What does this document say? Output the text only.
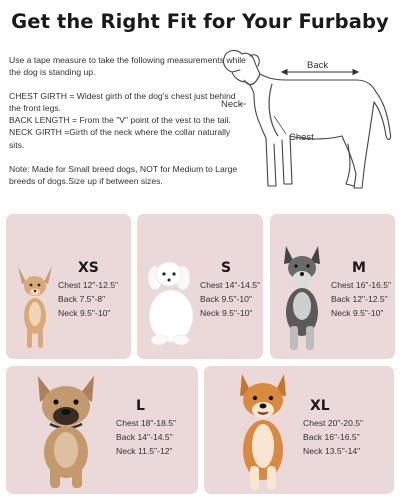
Get the Right Fit for Your Furbaby

Use a tape measure to take the following measurements while the dog is standing up.

CHEST GIRTH = Widest girth of the dog's chest just behind the front legs.

BACK LENGTH = From the "V" point of the vest to the tail.

NECK GIRTH =Girth of the neck where the collar naturally sits.

Note: Made for Small breed dogs, NOT for Medium to Large breeds of dogs.Size up if between sizes.

Back
Neck
Chest
XS
Chest 12"-12.5"
Back 7.5"-8"
Neck 9.5"-10"
S
Chest 14"-14.5"
Back 9.5"-10"
Neck 9.5"-10"
M
Chest 16"-16.5"
Back 12"-12.5"
Neck 9.5"-10"
L
Chest 18"-18.5"
Back 14"-14.5"
Neck 11.5"-12"
XL
Chest 20"-20.5"
Back 16"-16.5"
Neck 13.5"-14"
